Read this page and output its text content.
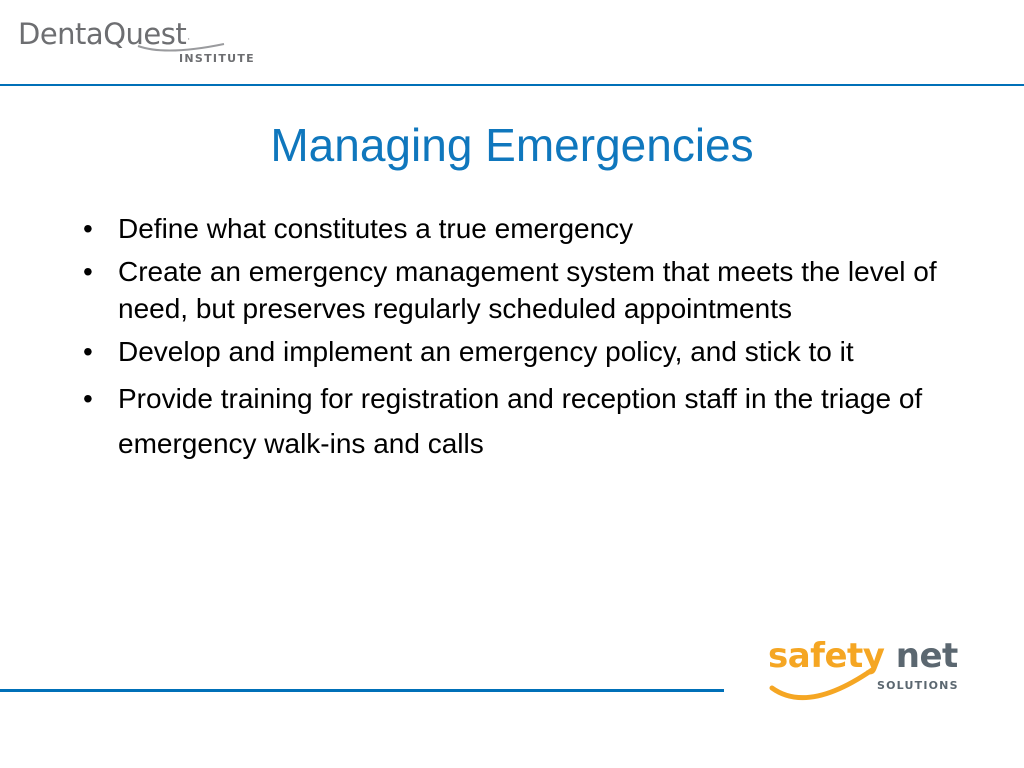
DentaQuest·
INSTITUTE
Managing Emergencies
• Define what constitutes a true emergency
• Create an emergency management system that meets the level of need, but preserves regularly scheduled appointments
• Develop and implement an emergency policy, and stick to it
• Provide training for registration and reception staff in the triage of emergency walk-ins and calls
safety net
SOLUTIONS
